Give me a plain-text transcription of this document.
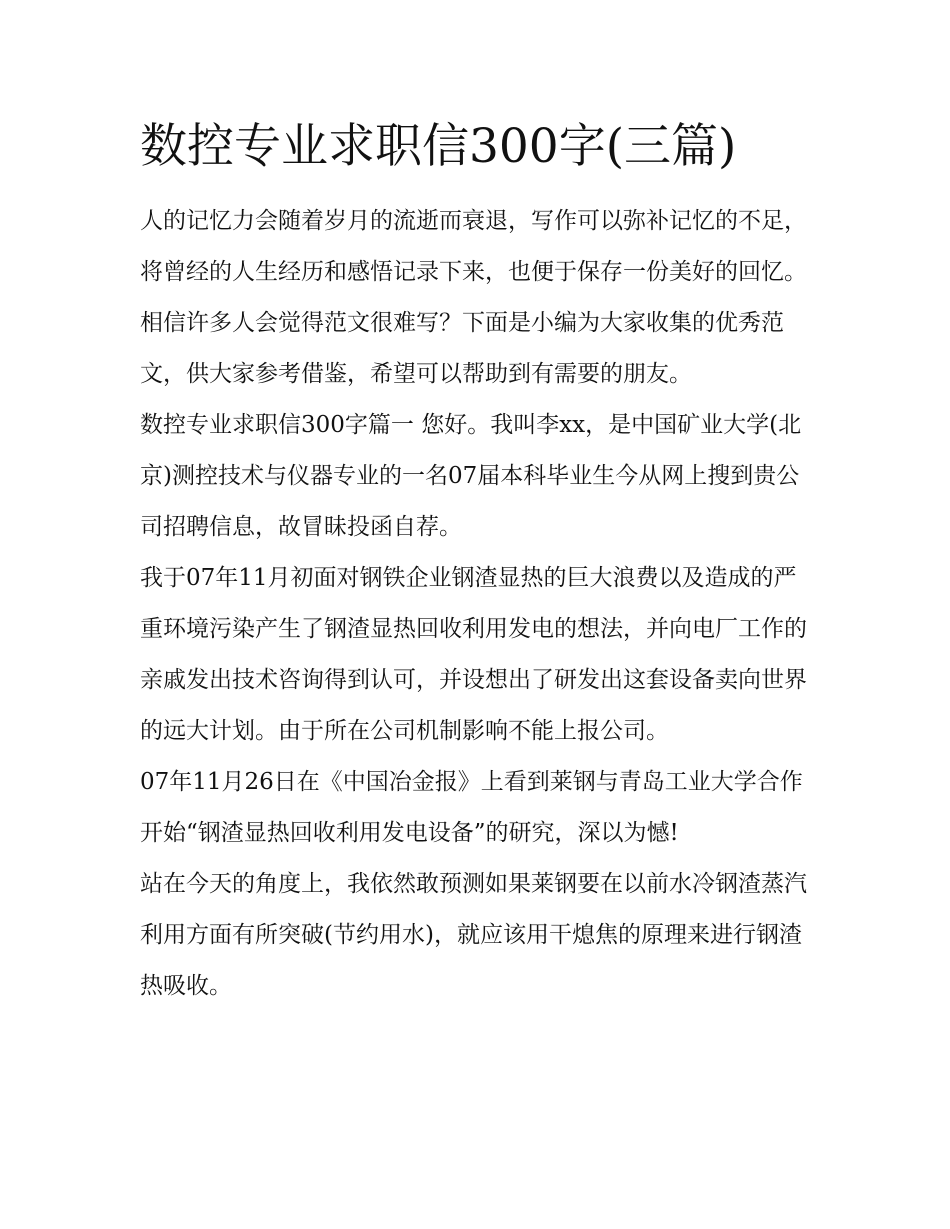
数控专业求职信300字(三篇)

人的记忆力会随着岁月的流逝而衰退，写作可以弥补记忆的不足，将曾经的人生经历和感悟记录下来，也便于保存一份美好的回忆。相信许多人会觉得范文很难写？下面是小编为大家收集的优秀范文，供大家参考借鉴，希望可以帮助到有需要的朋友。

数控专业求职信300字篇一 您好。我叫李xx，是中国矿业大学(北京)测控技术与仪器专业的一名07届本科毕业生今从网上搜到贵公司招聘信息，故冒昧投函自荐。

我于07年11月初面对钢铁企业钢渣显热的巨大浪费以及造成的严重环境污染产生了钢渣显热回收利用发电的想法，并向电厂工作的亲戚发出技术咨询得到认可，并设想出了研发出这套设备卖向世界的远大计划。由于所在公司机制影响不能上报公司。

07年11月26日在《中国冶金报》上看到莱钢与青岛工业大学合作开始“钢渣显热回收利用发电设备”的研究，深以为憾!

站在今天的角度上，我依然敢预测如果莱钢要在以前水冷钢渣蒸汽利用方面有所突破(节约用水)，就应该用干熄焦的原理来进行钢渣热吸收。
